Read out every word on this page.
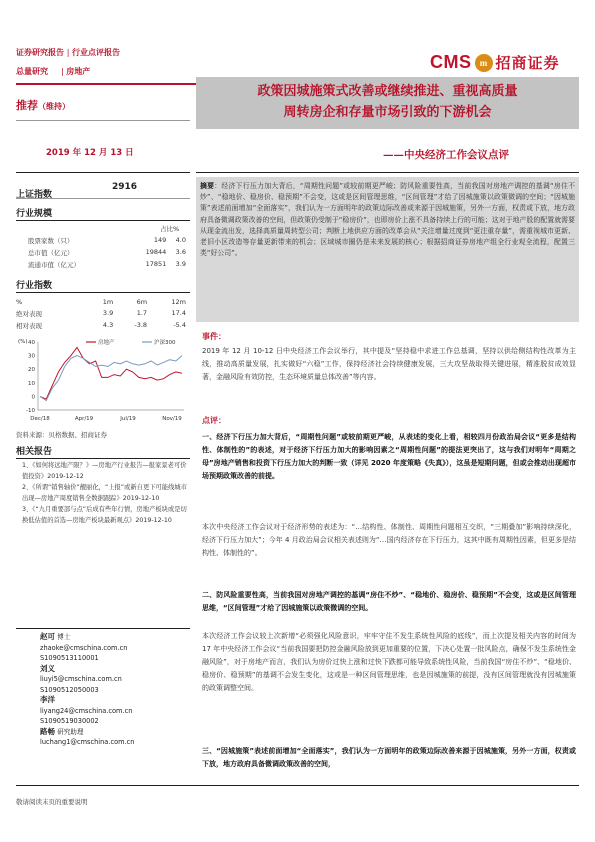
证券研究报告 | 行业点评报告
总量研究     | 房地产	CMS m 招商证券
推荐（维持）
2019 年 12 月 13 日
上证指数
2916
行业规模
占比%
股票家数（只）	149	4.0
总市值（亿元）	19844	3.6
流通市值（亿元）	17851	3.9
行业指数
%	1m	6m	12m
绝对表现	3.9	1.7	17.4
相对表现	4.3	-3.8	-5.4
(%) 40
30
20
10
0
-10
Dec/18	Apr/19	Jul/19	Nov/19
房地产	沪深300
资料来源：贝格数据、招商证券
相关报告
1、《如何将远地产限？》—房地产行业报告—报家景老可价值投资》2019-12-12
2、《所谓“销售轴价”靓丽化，“上报”或新自更下可能线城市出现—房地产周度销售全数据跟踪》2019-12-10
3、《“九月重要部与点”后成有些年行情，房地产板块或是切换低估值的首选—房地产板块最新观点》2019-12-10
赵可 博士
zhaoke@cmschina.com.cn
S1090513110001
刘义
liuyi5@cmschina.com.cn
S1090512050003
李洋
liyang24@cmschina.com.cn
S1090519030002
路畅 研究助理
luchang1@cmschina.com.cn
政策因城施策式改善或继续推进、重视高质量
周转房企和存量市场引致的下游机会
——中央经济工作会议点评
摘要：经济下行压力加大背后，“周期性问题”或较前期更严峻；防风险重要性高，当前我国对房地产调控的基调“房住不炒”、“稳地价、稳房价、稳预期”不会变，这或是区间管理思维，“区间管理”才给了因城施策以政策微调的空间；“因城施策”表述前面增加“全面落实”，我们认为一方面明年的政策边际改善或来源于因城施策，另外一方面，权责或下放，地方政府具备微调政策改善的空间，但政策仍受制于“稳房价”，也即房价上涨不具备持续上行的可能；这对于地产股的配置就需要从现金流出发，选择高质量周转型公司；判断上地供应方面的改革会从“关注增量过度到“更注重存量”，需重视城市更新、老旧小区改造等存量更新带来的机会；区域城市圈仍是未来发展的核心；根据招商证券房地产组全行业观全流程，配置三类“好公司”。
事件：
2019 年 12 月 10-12 日中央经济工作会议举行，其中提及“坚持稳中求进工作总基调，坚持以供给侧结构性改革为主线，推动高质量发展，扎实做好“六稳”工作，保持经济社会持续健康发展，三大攻坚战取得关键进展，精准脱贫成效显著，金融风险有效防控，生态环境质量总体改善”等内容。
点评：
一、经济下行压力加大背后，“周期性问题”或较前期更严峻，从表述的变化上看，相较四月份政治局会议“更多是结构性、体制性的”的表述，对于经济下行压力加大的影响因素之“周期性问题”的提法更突出了，这与我们对明年“周期之母”房地产销售和投资下行压力加大的判断一致（详见 2020 年度策略《失真》），这虽是短期问题，但或会推动出现超市场预期政策改善的前提。
本次中央经济工作会议对于经济形势的表述为：“…结构性、体制性、周期性问题相互交织，“三期叠加”影响持续深化，经济下行压力加大”；今年 4 月政治局会议相关表述则为“…国内经济存在下行压力，这其中既有周期性因素，但更多是结构性、体制性的”。
二、防风险重要性高，当前我国对房地产调控的基调“房住不炒”、“稳地价、稳房价、稳预期”不会变，这或是区间管理思维，“区间管理”才给了因城施策以政策微调的空间。
本次经济工作会议较上次新增“必须强化风险意识，牢牢守住不发生系统性风险的底线”，而上次提及相关内容的时间为 17 年中央经济工作会议“当前我国要把防控金融风险放到更加重要的位置，下决心处置一批风险点，确保不发生系统性金融风险”，对于房地产而言，我们认为房价过快上涨和过快下跌都可能导致系统性风险，当前我国“房住不炒”、“稳地价、稳房价、稳预期”的基调不会发生变化，这或是一种区间管理思维，也是因城施策的前提，没有区间管理就没有因城施策的政策调整空间。
三、“因城施策”表述前面增加“全面落实”，我们认为一方面明年的政策边际改善来源于因城施策，另外一方面，权责或下放，地方政府具备微调政策改善的空间，
敬请阅读末页的重要说明
